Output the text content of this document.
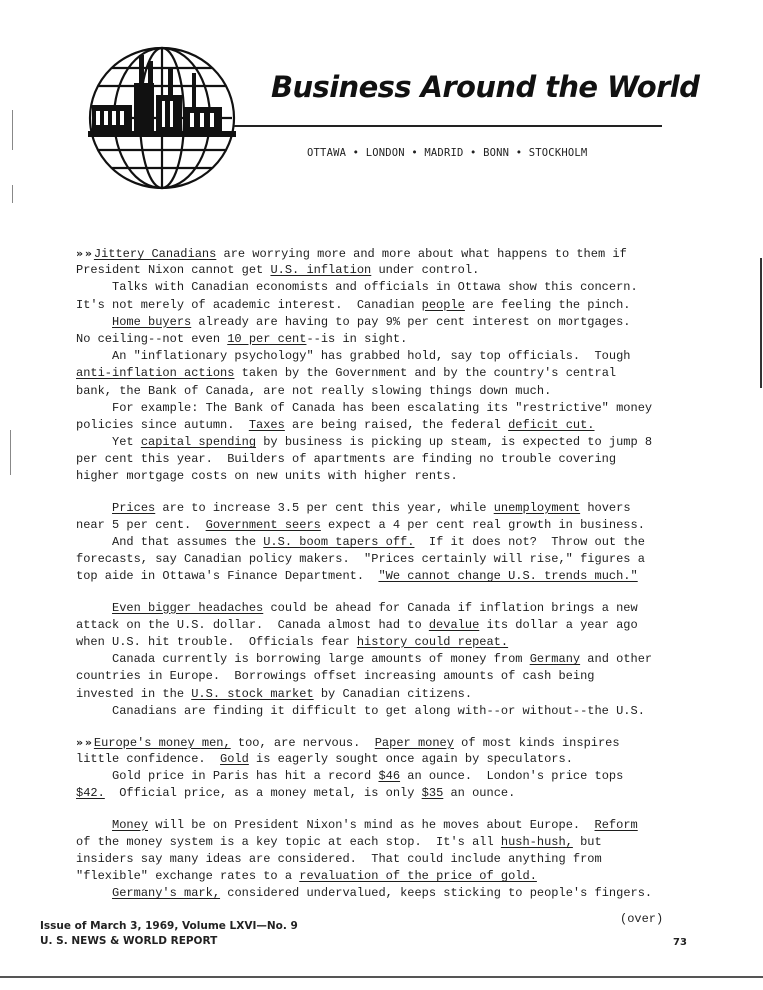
Business Around the World
OTTAWA • LONDON • MADRID • BONN • STOCKHOLM
» » Jittery Canadians are worrying more and more about what happens to them if
President Nixon cannot get U.S. inflation under control.
Talks with Canadian economists and officials in Ottawa show this concern.
It's not merely of academic interest.  Canadian people are feeling the pinch.
Home buyers already are having to pay 9% per cent interest on mortgages.
No ceiling--not even 10 per cent--is in sight.
An "inflationary psychology" has grabbed hold, say top officials.  Tough
anti-inflation actions taken by the Government and by the country's central
bank, the Bank of Canada, are not really slowing things down much.
For example: The Bank of Canada has been escalating its "restrictive" money
policies since autumn.  Taxes are being raised, the federal deficit cut.
Yet capital spending by business is picking up steam, is expected to jump 8
per cent this year.  Builders of apartments are finding no trouble covering
higher mortgage costs on new units with higher rents.
Prices are to increase 3.5 per cent this year, while unemployment hovers
near 5 per cent.  Government seers expect a 4 per cent real growth in business.
And that assumes the U.S. boom tapers off.  If it does not?  Throw out the
forecasts, say Canadian policy makers.  "Prices certainly will rise," figures a
top aide in Ottawa's Finance Department.  "We cannot change U.S. trends much."
Even bigger headaches could be ahead for Canada if inflation brings a new
attack on the U.S. dollar.  Canada almost had to devalue its dollar a year ago
when U.S. hit trouble.  Officials fear history could repeat.
Canada currently is borrowing large amounts of money from Germany and other
countries in Europe.  Borrowings offset increasing amounts of cash being
invested in the U.S. stock market by Canadian citizens.
Canadians are finding it difficult to get along with--or without--the U.S.
» » Europe's money men, too, are nervous.  Paper money of most kinds inspires
little confidence.  Gold is eagerly sought once again by speculators.
Gold price in Paris has hit a record $46 an ounce.  London's price tops
$42.  Official price, as a money metal, is only $35 an ounce.
Money will be on President Nixon's mind as he moves about Europe.  Reform
of the money system is a key topic at each stop.  It's all hush-hush, but
insiders say many ideas are considered.  That could include anything from
"flexible" exchange rates to a revaluation of the price of gold.
Germany's mark, considered undervalued, keeps sticking to people's fingers.
(over)
Issue of March 3, 1969, Volume LXVI—No. 9
U. S. NEWS & WORLD REPORT	73
